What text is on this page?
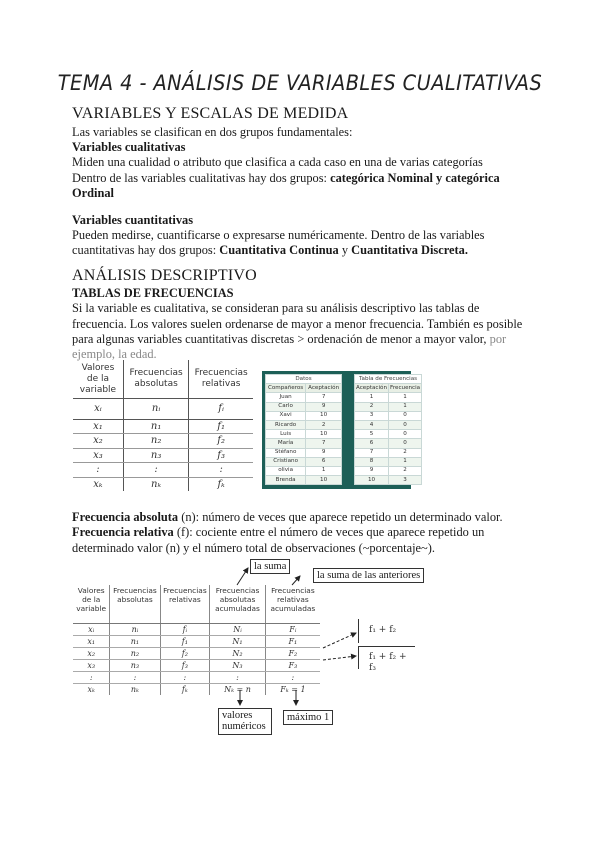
TEMA 4 - ANÁLISIS DE VARIABLES CUALITATIVAS
VARIABLES Y ESCALAS DE MEDIDA
Las variables se clasifican en dos grupos fundamentales:
Variables cualitativas
Miden una cualidad o atributo que clasifica a cada caso en una de varias categorías
Dentro de las variables cualitativas hay dos grupos: categórica Nominal y categórica
Ordinal
Variables cuantitativas
Pueden medirse, cuantificarse o expresarse numéricamente. Dentro de las variables
cuantitativas hay dos grupos: Cuantitativa Continua y Cuantitativa Discreta.
ANÁLISIS DESCRIPTIVO
TABLAS DE FRECUENCIAS
Si la variable es cualitativa, se consideran para su análisis descriptivo las tablas de
frecuencia. Los valores suelen ordenarse de mayor a menor frecuencia. También es posible
para algunas variables cuantitativas discretas > ordenación de menor a mayor valor, por
ejemplo, la edad.
Valores de la variable	Frecuencias absolutas	Frecuencias relativas
xᵢ	nᵢ	fᵢ
x₁	n₁	f₁
x₂	n₂	f₂
x₃	n₃	f₃
:	:	:
xₖ	nₖ	fₖ
Datos	
Compañeros	Aceptación
Juan	7
Carlo	9
Xavi	10
Ricardo	2
Luis	10
María	7
Stéfano	9
Cristiano	6
olivia	1
Brenda	10
Tabla de Frecuencias	
Aceptación	Frecuencia
1	1
2	1
3	0
4	0
5	0
6	0
7	2
8	1
9	2
10	3
Frecuencia absoluta (n): número de veces que aparece repetido un determinado valor.
Frecuencia relativa (f): cociente entre el número de veces que aparece repetido un
determinado valor (n) y el número total de observaciones (~porcentaje~).
Valores de la variable	Frecuencias absolutas	Frecuencias relativas	Frecuencias absolutas acumuladas	Frecuencias relativas acumuladas
xᵢ	nᵢ	fᵢ	Nᵢ	Fᵢ
x₁	n₁	f₁	N₁	F₁
x₂	n₂	f₂	N₂	F₂
x₃	n₃	f₃	N₃	F₃
:	:	:	:	:
xₖ	nₖ	fₖ	Nₖ = n	Fₖ = 1
la suma
la suma de las anteriores
f₁ + f₂
f₁ + f₂ + f₃
valores
numéricos
máximo 1
